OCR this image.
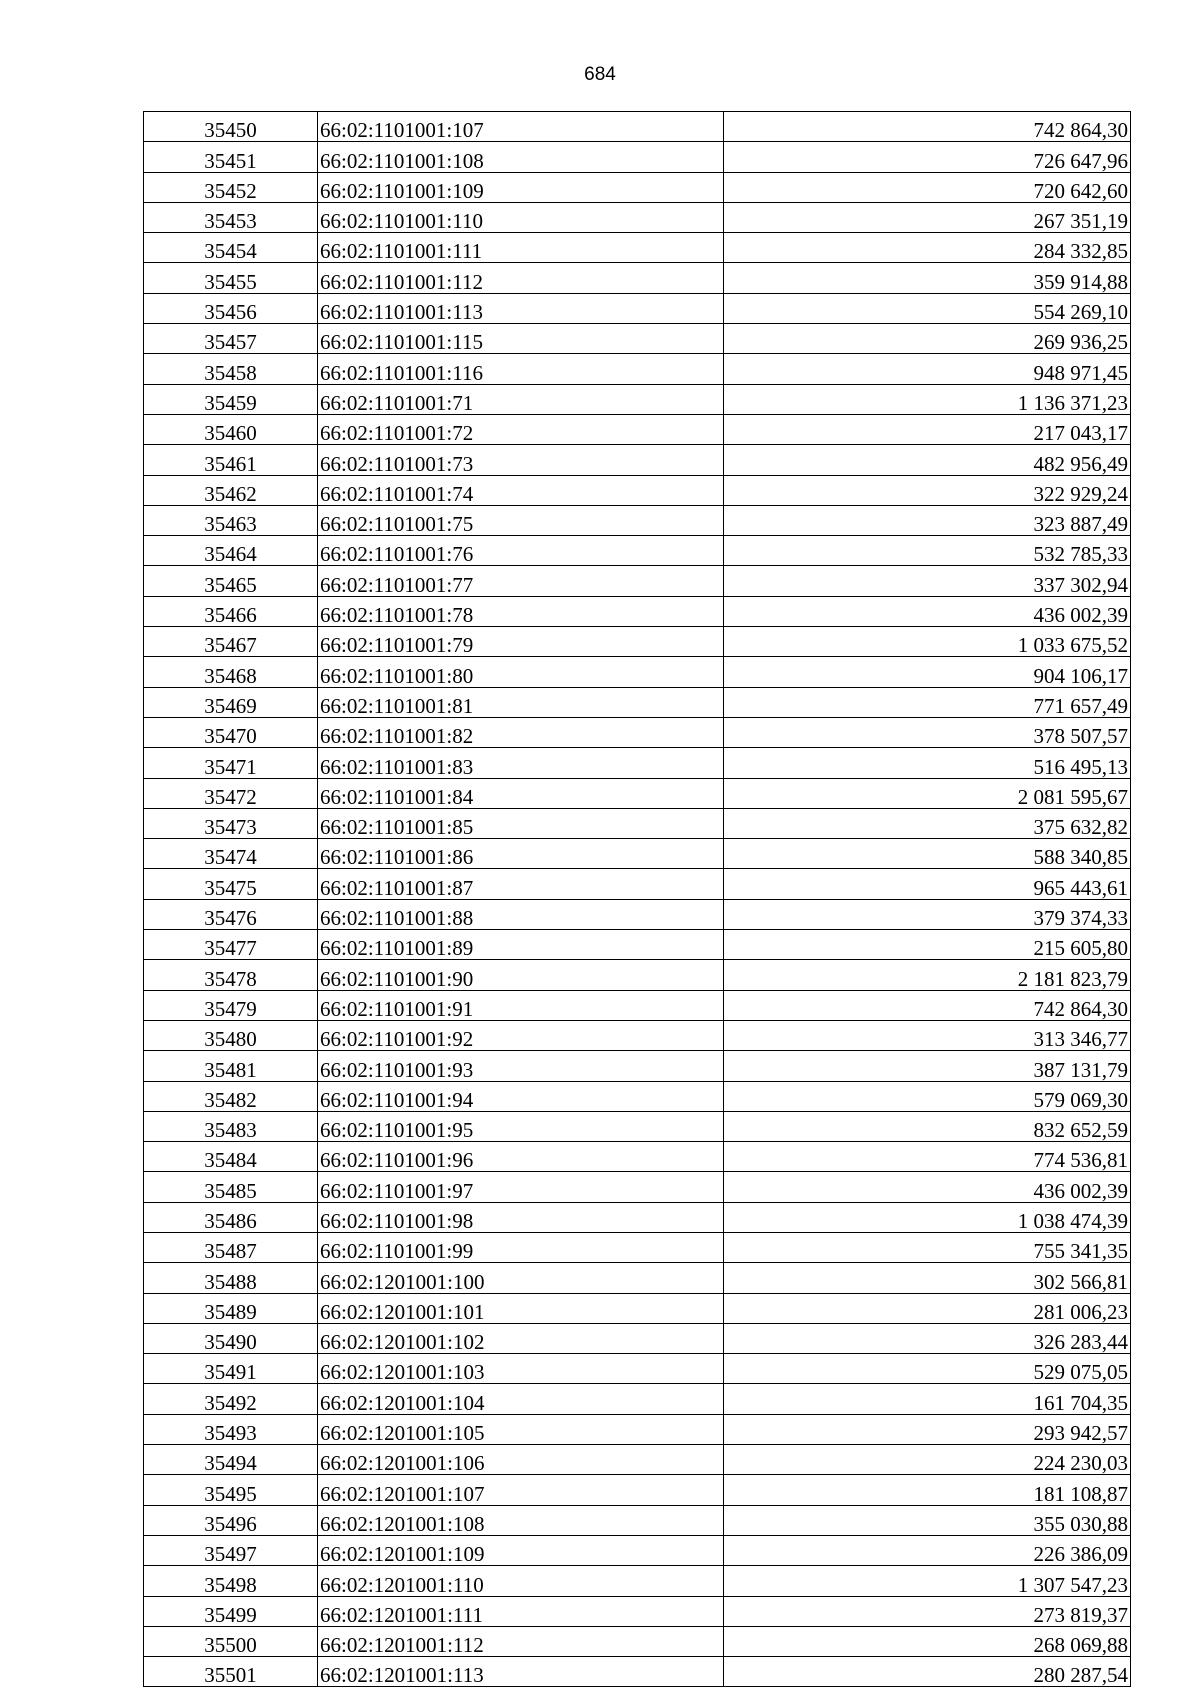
684
35450	66:02:1101001:107	742 864,30
35451	66:02:1101001:108	726 647,96
35452	66:02:1101001:109	720 642,60
35453	66:02:1101001:110	267 351,19
35454	66:02:1101001:111	284 332,85
35455	66:02:1101001:112	359 914,88
35456	66:02:1101001:113	554 269,10
35457	66:02:1101001:115	269 936,25
35458	66:02:1101001:116	948 971,45
35459	66:02:1101001:71	1 136 371,23
35460	66:02:1101001:72	217 043,17
35461	66:02:1101001:73	482 956,49
35462	66:02:1101001:74	322 929,24
35463	66:02:1101001:75	323 887,49
35464	66:02:1101001:76	532 785,33
35465	66:02:1101001:77	337 302,94
35466	66:02:1101001:78	436 002,39
35467	66:02:1101001:79	1 033 675,52
35468	66:02:1101001:80	904 106,17
35469	66:02:1101001:81	771 657,49
35470	66:02:1101001:82	378 507,57
35471	66:02:1101001:83	516 495,13
35472	66:02:1101001:84	2 081 595,67
35473	66:02:1101001:85	375 632,82
35474	66:02:1101001:86	588 340,85
35475	66:02:1101001:87	965 443,61
35476	66:02:1101001:88	379 374,33
35477	66:02:1101001:89	215 605,80
35478	66:02:1101001:90	2 181 823,79
35479	66:02:1101001:91	742 864,30
35480	66:02:1101001:92	313 346,77
35481	66:02:1101001:93	387 131,79
35482	66:02:1101001:94	579 069,30
35483	66:02:1101001:95	832 652,59
35484	66:02:1101001:96	774 536,81
35485	66:02:1101001:97	436 002,39
35486	66:02:1101001:98	1 038 474,39
35487	66:02:1101001:99	755 341,35
35488	66:02:1201001:100	302 566,81
35489	66:02:1201001:101	281 006,23
35490	66:02:1201001:102	326 283,44
35491	66:02:1201001:103	529 075,05
35492	66:02:1201001:104	161 704,35
35493	66:02:1201001:105	293 942,57
35494	66:02:1201001:106	224 230,03
35495	66:02:1201001:107	181 108,87
35496	66:02:1201001:108	355 030,88
35497	66:02:1201001:109	226 386,09
35498	66:02:1201001:110	1 307 547,23
35499	66:02:1201001:111	273 819,37
35500	66:02:1201001:112	268 069,88
35501	66:02:1201001:113	280 287,54
